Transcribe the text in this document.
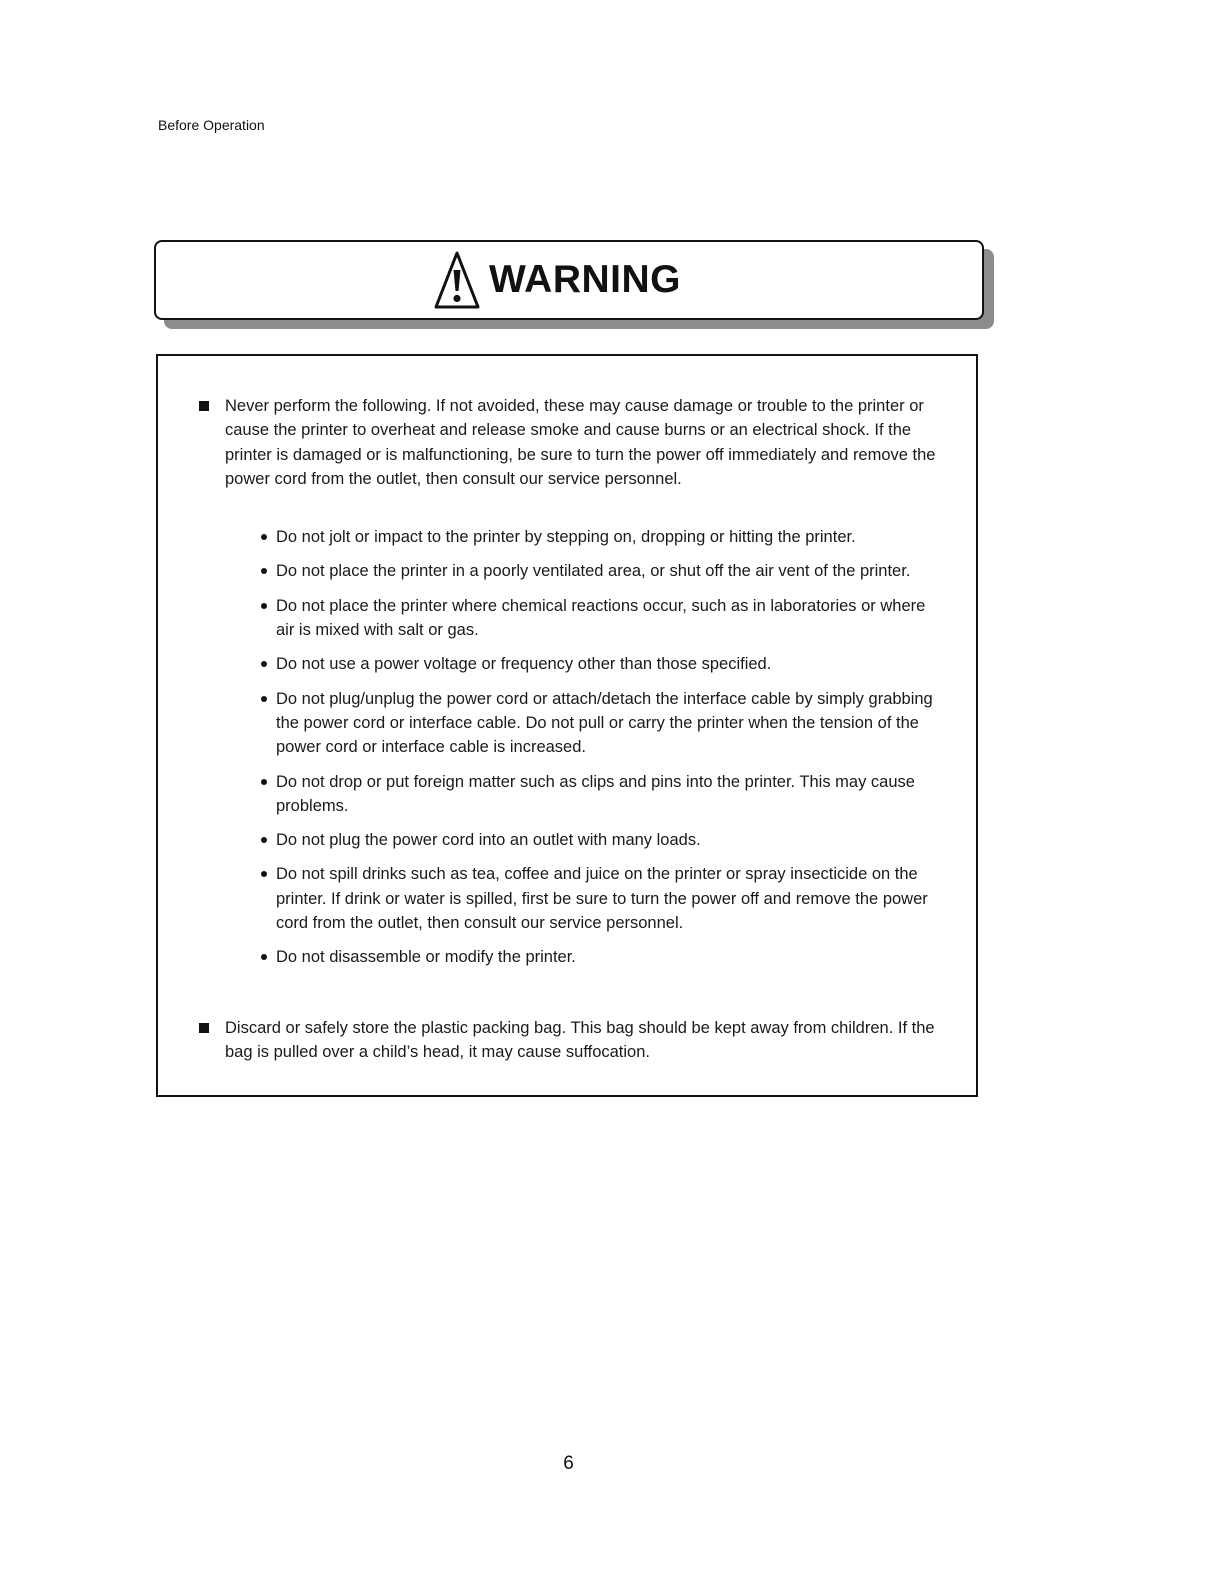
Before Operation
WARNING
Never perform the following. If not avoided, these may cause damage or trouble to the printer or cause the printer to overheat and release smoke and cause burns or an electrical shock. If the printer is damaged or is malfunctioning, be sure to turn the power off immediately and remove the power cord from the outlet, then consult our service personnel.
Do not jolt or impact to the printer by stepping on, dropping or hitting the printer.
Do not place the printer in a poorly ventilated area, or shut off the air vent of the printer.
Do not place the printer where chemical reactions occur, such as in laboratories or where air is mixed with salt or gas.
Do not use a power voltage or frequency other than those specified.
Do not plug/unplug the power cord or attach/detach the interface cable by simply grabbing the power cord or interface cable. Do not pull or carry the printer when the tension of the power cord or interface cable is increased.
Do not drop or put foreign matter such as clips and pins into the printer. This may cause problems.
Do not plug the power cord into an outlet with many loads.
Do not spill drinks such as tea, coffee and juice on the printer or spray insecticide on the printer. If drink or water is spilled, first be sure to turn the power off and remove the power cord from the outlet, then consult our service personnel.
Do not disassemble or modify the printer.
Discard or safely store the plastic packing bag. This bag should be kept away from children. If the bag is pulled over a child’s head, it may cause suffocation.
6
